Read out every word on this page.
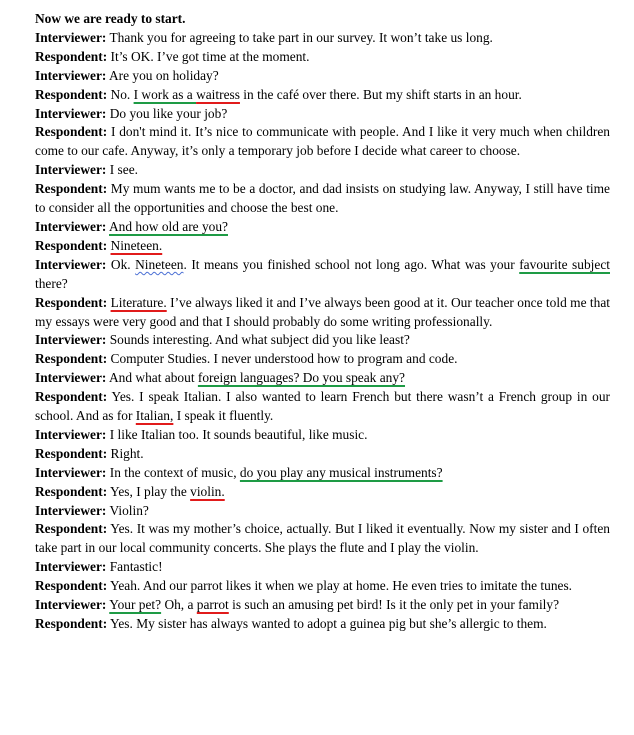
Now we are ready to start.

Interviewer: Thank you for agreeing to take part in our survey. It won’t take us long.

Respondent: It’s OK. I’ve got time at the moment.

Interviewer: Are you on holiday?

Respondent: No. I work as a waitress in the café over there. But my shift starts in an hour.

Interviewer: Do you like your job?

Respondent: I don't mind it. It’s nice to communicate with people. And I like it very much when children come to our cafe. Anyway, it’s only a temporary job before I decide what career to choose.

Interviewer: I see.

Respondent: My mum wants me to be a doctor, and dad insists on studying law. Anyway, I still have time to consider all the opportunities and choose the best one.

Interviewer: And how old are you?

Respondent: Nineteen.

Interviewer: Ok. Nineteen. It means you finished school not long ago. What was your favourite subject there?

Respondent: Literature. I’ve always liked it and I’ve always been good at it. Our teacher once told me that my essays were very good and that I should probably do some writing professionally.

Interviewer: Sounds interesting. And what subject did you like least?

Respondent: Computer Studies. I never understood how to program and code.

Interviewer: And what about foreign languages? Do you speak any?

Respondent: Yes. I speak Italian. I also wanted to learn French but there wasn’t a French group in our school. And as for Italian, I speak it fluently.

Interviewer: I like Italian too. It sounds beautiful, like music.

Respondent: Right.

Interviewer: In the context of music, do you play any musical instruments?

Respondent: Yes, I play the violin.

Interviewer: Violin?

Respondent: Yes. It was my mother’s choice, actually. But I liked it eventually. Now my sister and I often take part in our local community concerts. She plays the flute and I play the violin.

Interviewer: Fantastic!

Respondent: Yeah. And our parrot likes it when we play at home. He even tries to imitate the tunes.

Interviewer: Your pet? Oh, a parrot is such an amusing pet bird! Is it the only pet in your family?

Respondent: Yes. My sister has always wanted to adopt a guinea pig but she’s allergic to them.
